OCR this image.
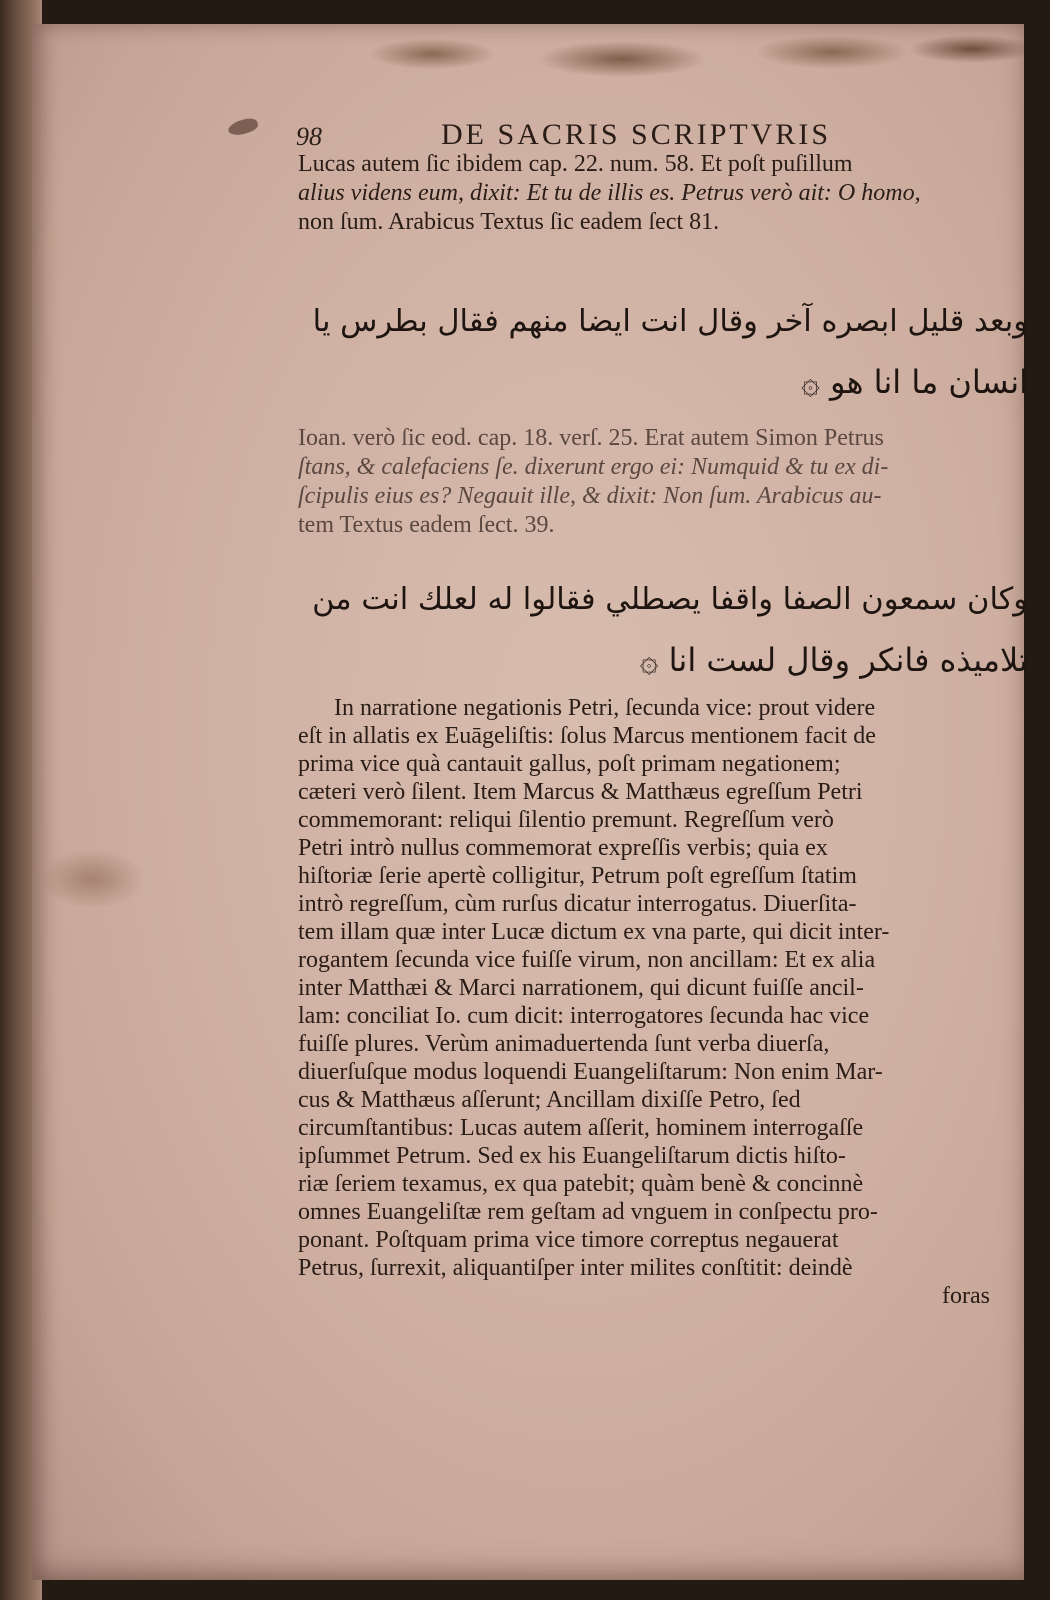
98	DE SACRIS SCRIPTVRIS

Lucas autem ſic ibidem cap. 22. num. 58. Et poſt puſillum

alius videns eum, dixit: Et tu de illis es. Petrus verò ait: O homo,

non ſum. Arabicus Textus ſic eadem ſect 81.

وبعد قليل ابصره آخر وقال انت ايضا منهم فقال بطرس يا

انسان ما انا هو ۞

Ioan. verò ſic eod. cap. 18. verſ. 25. Erat autem Simon Petrus

ſtans, & calefaciens ſe. dixerunt ergo ei: Numquid & tu ex di-

ſcipulis eius es? Negauit ille, & dixit: Non ſum. Arabicus au-

tem Textus eadem ſect. 39.

وكان سمعون الصفا واقفا يصطلي فقالوا له لعلك انت من

تلاميذه فانكر وقال لست انا ۞

In narratione negationis Petri, ſecunda vice: prout videre

eſt in allatis ex Euāgeliſtis: ſolus Marcus mentionem facit de

prima vice quà cantauit gallus, poſt primam negationem;

cæteri verò ſilent. Item Marcus & Matthæus egreſſum Petri

commemorant: reliqui ſilentio premunt. Regreſſum verò

Petri intrò nullus commemorat expreſſis verbis; quia ex

hiſtoriæ ſerie apertè colligitur, Petrum poſt egreſſum ſtatim

intrò regreſſum, cùm rurſus dicatur interrogatus. Diuerſita-

tem illam quæ inter Lucæ dictum ex vna parte, qui dicit inter-

rogantem ſecunda vice fuiſſe virum, non ancillam: Et ex alia

inter Matthæi & Marci narrationem, qui dicunt fuiſſe ancil-

lam: conciliat Io. cum dicit: interrogatores ſecunda hac vice

fuiſſe plures. Verùm animaduertenda ſunt verba diuerſa,

diuerſuſque modus loquendi Euangeliſtarum: Non enim Mar-

cus & Matthæus aſſerunt; Ancillam dixiſſe Petro, ſed

circumſtantibus: Lucas autem aſſerit, hominem interrogaſſe

ipſummet Petrum. Sed ex his Euangeliſtarum dictis hiſto-

riæ ſeriem texamus, ex qua patebit; quàm benè & concinnè

omnes Euangeliſtæ rem geſtam ad vnguem in conſpectu pro-

ponant. Poſtquam prima vice timore correptus negauerat

Petrus, ſurrexit, aliquantiſper inter milites conſtitit: deindè

foras
